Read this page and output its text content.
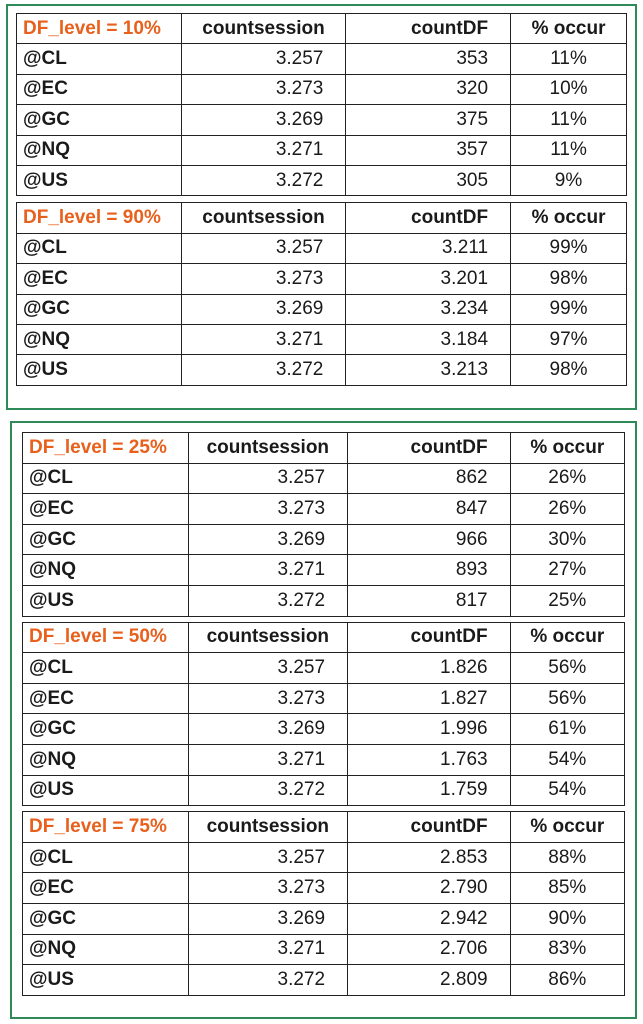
DF_level = 10%	countsession	countDF	% occur
@CL	3.257	353	11%
@EC	3.273	320	10%
@GC	3.269	375	11%
@NQ	3.271	357	11%
@US	3.272	305	9%
DF_level = 90%	countsession	countDF	% occur
@CL	3.257	3.211	99%
@EC	3.273	3.201	98%
@GC	3.269	3.234	99%
@NQ	3.271	3.184	97%
@US	3.272	3.213	98%
DF_level = 25%	countsession	countDF	% occur
@CL	3.257	862	26%
@EC	3.273	847	26%
@GC	3.269	966	30%
@NQ	3.271	893	27%
@US	3.272	817	25%
DF_level = 50%	countsession	countDF	% occur
@CL	3.257	1.826	56%
@EC	3.273	1.827	56%
@GC	3.269	1.996	61%
@NQ	3.271	1.763	54%
@US	3.272	1.759	54%
DF_level = 75%	countsession	countDF	% occur
@CL	3.257	2.853	88%
@EC	3.273	2.790	85%
@GC	3.269	2.942	90%
@NQ	3.271	2.706	83%
@US	3.272	2.809	86%
